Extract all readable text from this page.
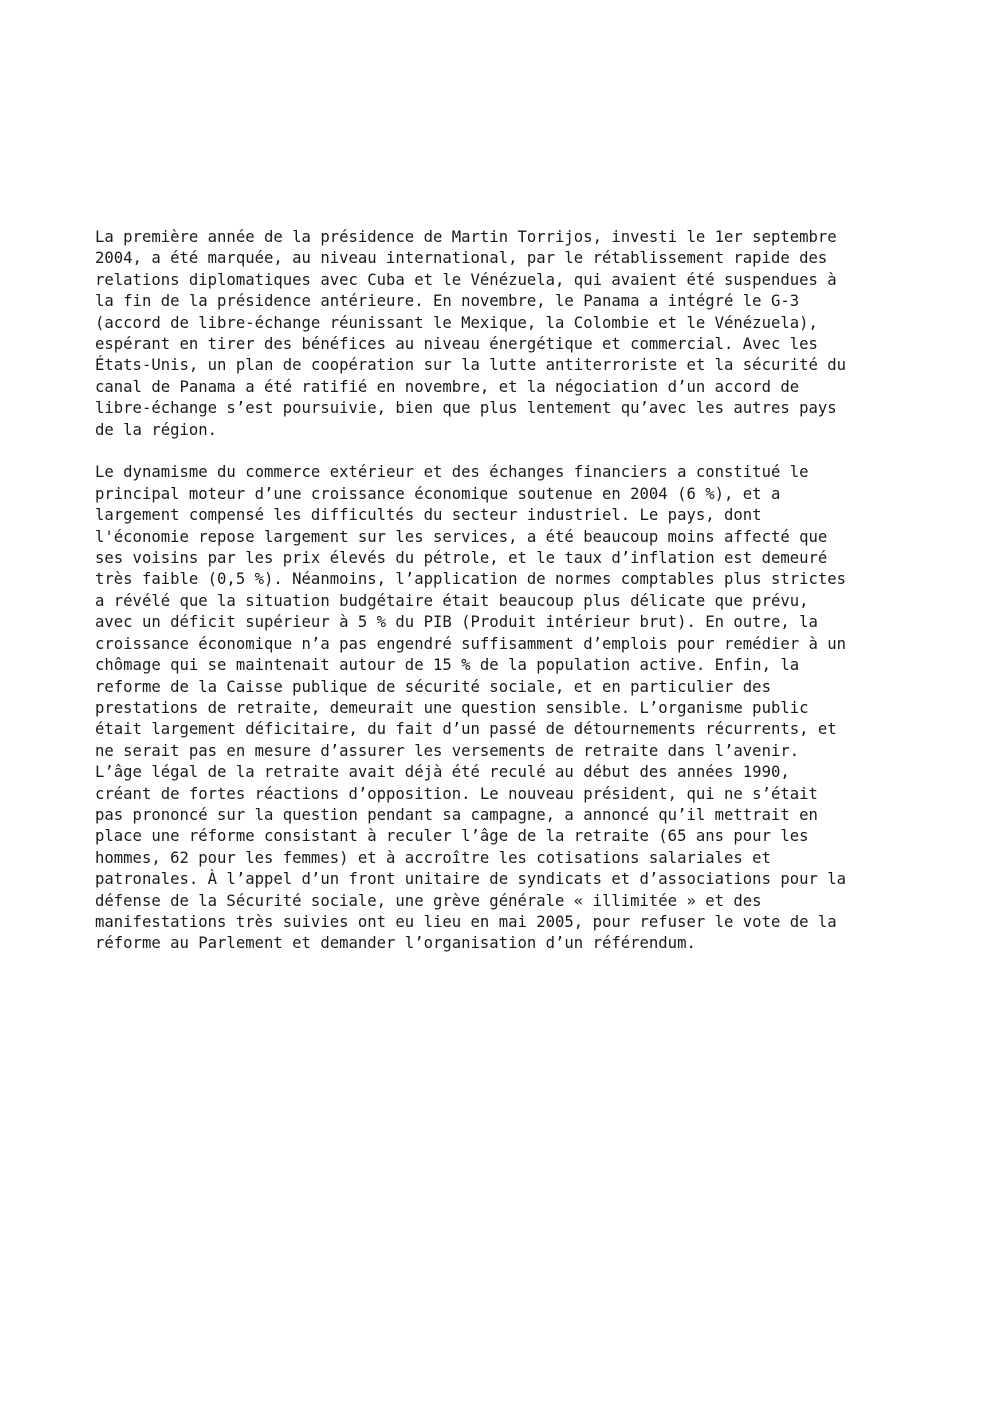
La première année de la présidence de Martin Torrijos, investi le 1er septembre
2004, a été marquée, au niveau international, par le rétablissement rapide des
relations diplomatiques avec Cuba et le Vénézuela, qui avaient été suspendues à
la fin de la présidence antérieure. En novembre, le Panama a intégré le G-3
(accord de libre-échange réunissant le Mexique, la Colombie et le Vénézuela),
espérant en tirer des bénéfices au niveau énergétique et commercial. Avec les
États-Unis, un plan de coopération sur la lutte antiterroriste et la sécurité du
canal de Panama a été ratifié en novembre, et la négociation d’un accord de
libre-échange s’est poursuivie, bien que plus lentement qu’avec les autres pays
de la région.

Le dynamisme du commerce extérieur et des échanges financiers a constitué le
principal moteur d’une croissance économique soutenue en 2004 (6 %), et a
largement compensé les difficultés du secteur industriel. Le pays, dont
l'économie repose largement sur les services, a été beaucoup moins affecté que
ses voisins par les prix élevés du pétrole, et le taux d’inflation est demeuré
très faible (0,5 %). Néanmoins, l’application de normes comptables plus strictes
a révélé que la situation budgétaire était beaucoup plus délicate que prévu,
avec un déficit supérieur à 5 % du PIB (Produit intérieur brut). En outre, la
croissance économique n’a pas engendré suffisamment d’emplois pour remédier à un
chômage qui se maintenait autour de 15 % de la population active. Enfin, la
reforme de la Caisse publique de sécurité sociale, et en particulier des
prestations de retraite, demeurait une question sensible. L’organisme public
était largement déficitaire, du fait d’un passé de détournements récurrents, et
ne serait pas en mesure d’assurer les versements de retraite dans l’avenir.
L’âge légal de la retraite avait déjà été reculé au début des années 1990,
créant de fortes réactions d’opposition. Le nouveau président, qui ne s’était
pas prononcé sur la question pendant sa campagne, a annoncé qu’il mettrait en
place une réforme consistant à reculer l’âge de la retraite (65 ans pour les
hommes, 62 pour les femmes) et à accroître les cotisations salariales et
patronales. À l’appel d’un front unitaire de syndicats et d’associations pour la
défense de la Sécurité sociale, une grève générale « illimitée » et des
manifestations très suivies ont eu lieu en mai 2005, pour refuser le vote de la
réforme au Parlement et demander l’organisation d’un référendum.
